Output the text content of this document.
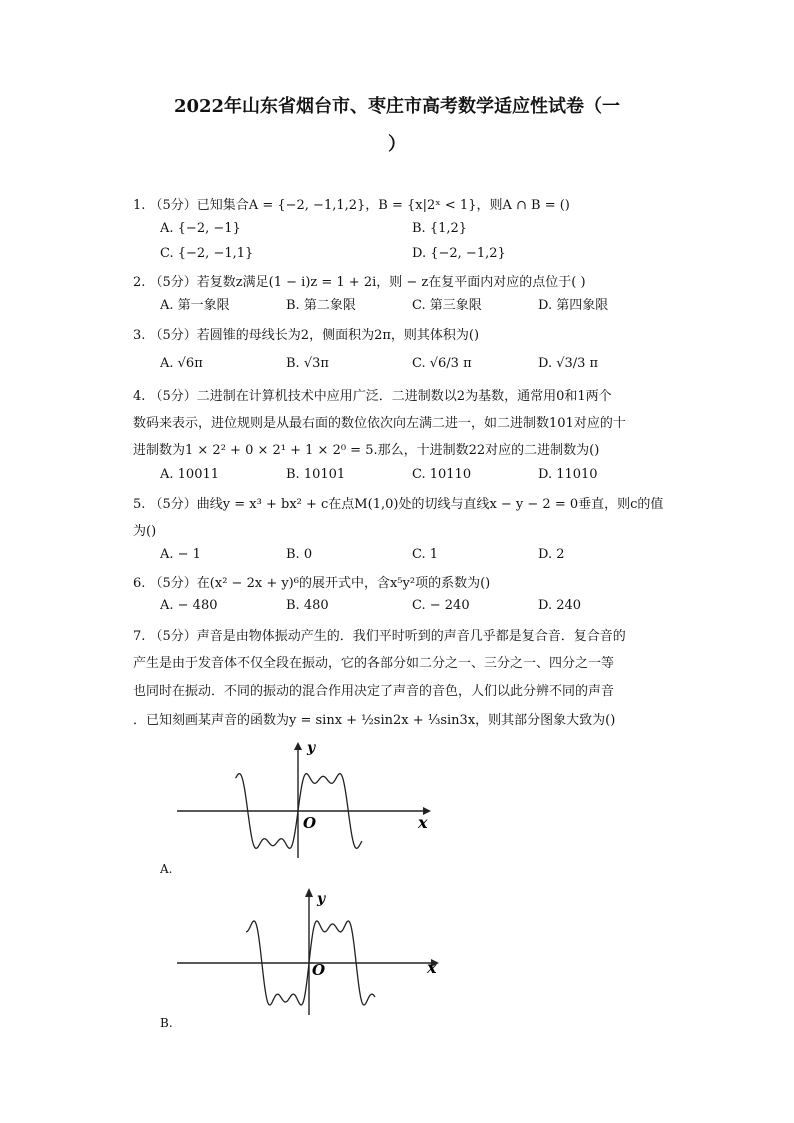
2022年山东省烟台市、枣庄市高考数学适应性试卷（一
）
1. （5分）已知集合A = {−2, −1,1,2}，B = {x|2ˣ < 1}，则A ∩ B = ()
A. {−2, −1}	B. {1,2}
C. {−2, −1,1}	D. {−2, −1,2}
2. （5分）若复数z满足(1 − i)z = 1 + 2i，则 − z在复平面内对应的点位于( )
A. 第一象限	B. 第二象限	C. 第三象限	D. 第四象限
3. （5分）若圆锥的母线长为2，侧面积为2π，则其体积为()
A. √6π	B. √3π	C. √6/3 π	D. √3/3 π
4. （5分）二进制在计算机技术中应用广泛．二进制数以2为基数，通常用0和1两个
数码来表示，进位规则是从最右面的数位依次向左满二进一，如二进制数101对应的十
进制数为1 × 2² + 0 × 2¹ + 1 × 2⁰ = 5.那么，十进制数22对应的二进制数为()
A. 10011	B. 10101	C. 10110	D. 11010
5. （5分）曲线y = x³ + bx² + c在点M(1,0)处的切线与直线x − y − 2 = 0垂直，则c的值
为()
A. − 1	B. 0	C. 1	D. 2
6. （5分）在(x² − 2x + y)⁶的展开式中，含x⁵y²项的系数为()
A. − 480	B. 480	C. − 240	D. 240
7. （5分）声音是由物体振动产生的．我们平时听到的声音几乎都是复合音．复合音的
产生是由于发音体不仅全段在振动，它的各部分如二分之一、三分之一、四分之一等
也同时在振动．不同的振动的混合作用决定了声音的音色，人们以此分辨不同的声音
．已知刻画某声音的函数为y = sinx + ½sin2x + ⅓sin3x，则其部分图象大致为()
y
x
O
A.
y
x
O
B.
